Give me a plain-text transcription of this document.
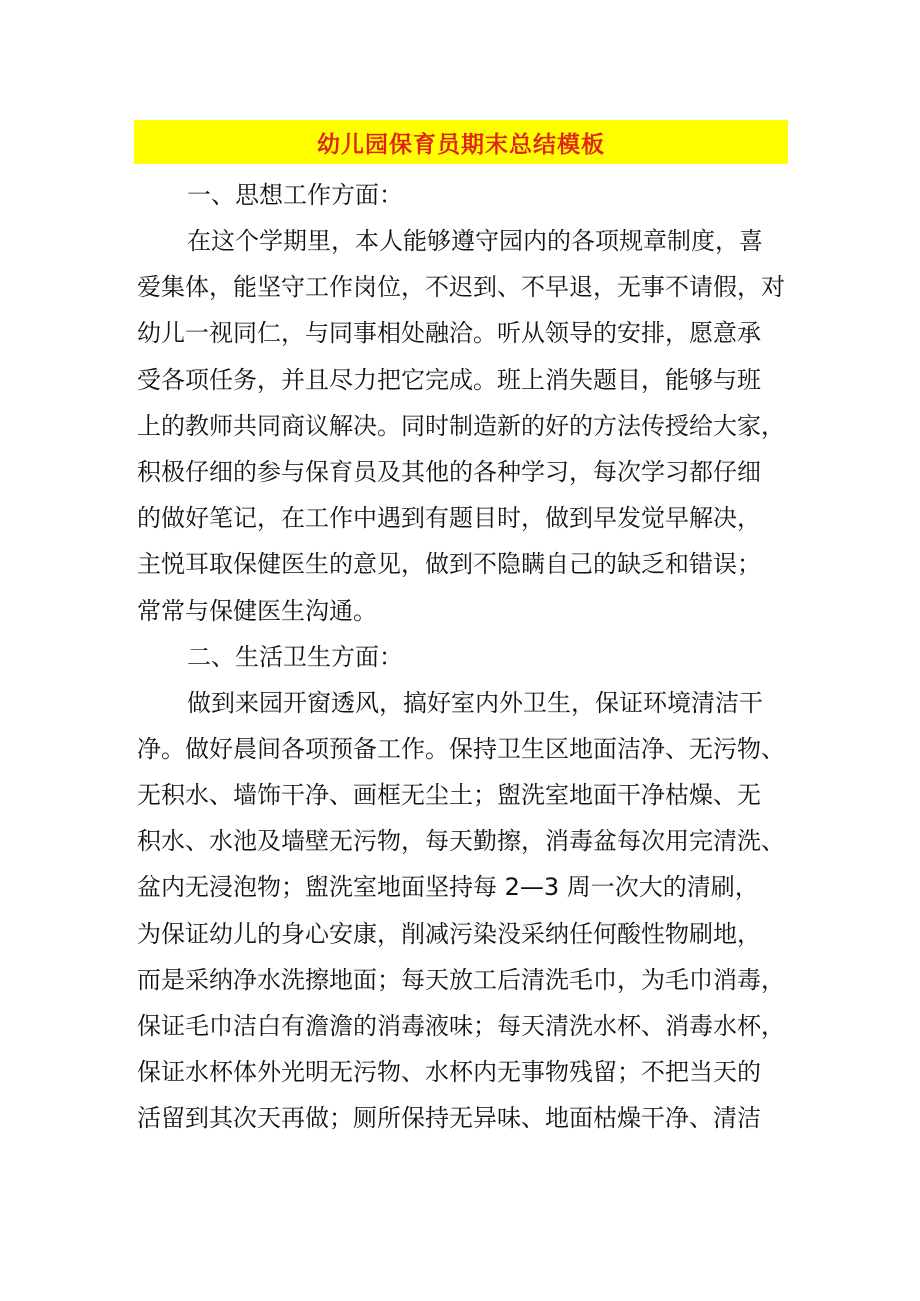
幼儿园保育员期末总结模板
一、思想工作方面：
在这个学期里，本人能够遵守园内的各项规章制度，喜
爱集体，能坚守工作岗位，不迟到、不早退，无事不请假，对
幼儿一视同仁，与同事相处融洽。听从领导的安排，愿意承
受各项任务，并且尽力把它完成。班上消失题目，能够与班
上的教师共同商议解决。同时制造新的好的方法传授给大家，
积极仔细的参与保育员及其他的各种学习，每次学习都仔细
的做好笔记，在工作中遇到有题目时，做到早发觉早解决，
主悦耳取保健医生的意见，做到不隐瞒自己的缺乏和错误；
常常与保健医生沟通。
二、生活卫生方面：
做到来园开窗透风，搞好室内外卫生，保证环境清洁干
净。做好晨间各项预备工作。保持卫生区地面洁净、无污物、
无积水、墙饰干净、画框无尘土；盥洗室地面干净枯燥、无
积水、水池及墙壁无污物，每天勤擦，消毒盆每次用完清洗、
盆内无浸泡物；盥洗室地面坚持每 2—3 周一次大的清刷，
为保证幼儿的身心安康，削减污染没采纳任何酸性物刷地，
而是采纳净水洗擦地面；每天放工后清洗毛巾，为毛巾消毒，
保证毛巾洁白有澹澹的消毒液味；每天清洗水杯、消毒水杯，
保证水杯体外光明无污物、水杯内无事物残留；不把当天的
活留到其次天再做；厕所保持无异味、地面枯燥干净、清洁
